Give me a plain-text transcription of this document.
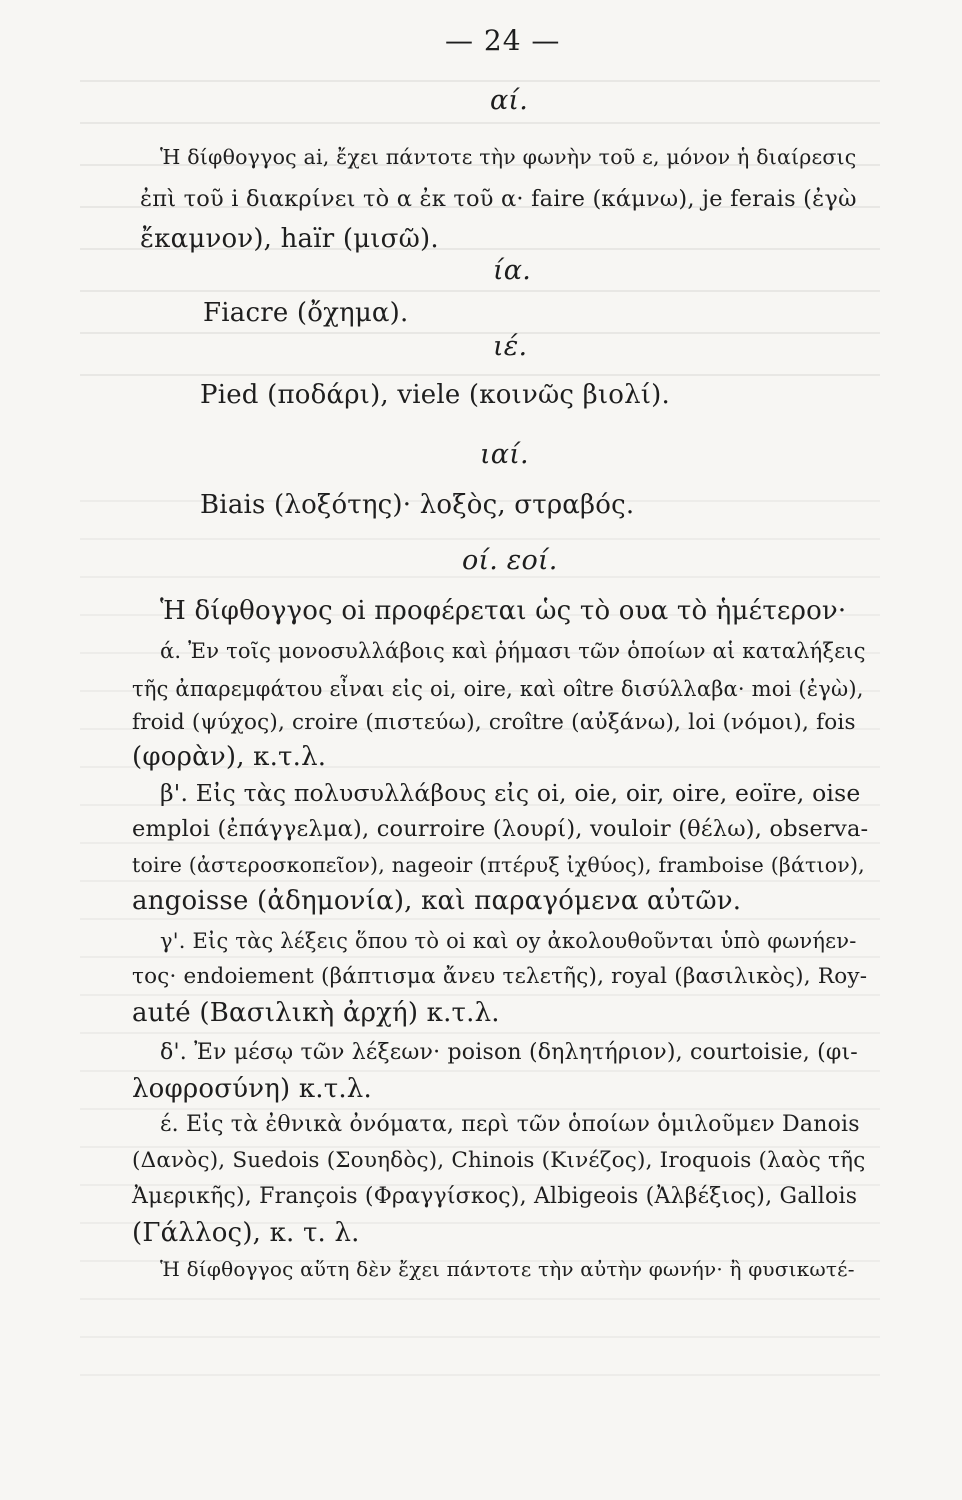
— 24 —
αί.
Ἡ δίφθογγος ai, ἔχει πάντοτε τὴν φωνὴν τοῦ ε, μόνον ἡ διαίρεσις
ἐπὶ τοῦ i διακρίνει τὸ α ἐκ τοῦ α· faire (κάμνω), je ferais (ἐγὼ
ἔκαμνον), haïr (μισῶ).
ία.
Fiacre (ὄχημα).
ιέ.
Pied (ποδάρι), viele (κοινῶς βιολί).
ιαί.
Biais (λοξότης)· λοξὸς, στραβός.
οί. εοί.
Ἡ δίφθογγος oi προφέρεται ὡς τὸ ουα τὸ ἡμέτερον·
ά. Ἐν τοῖς μονοσυλλάβοις καὶ ῥήμασι τῶν ὁποίων αἱ καταλήξεις
τῆς ἀπαρεμφάτου εἶναι εἰς oi, oire, καὶ oître δισύλλαβα· moi (ἐγὼ),
froid (ψύχος), croire (πιστεύω), croître (αὐξάνω), loi (νόμοι), fois
(φορὰν), κ.τ.λ.
β'. Εἰς τὰς πολυσυλλάβους εἰς oi, oie, oir, oire, eoïre, oise
emploi (ἐπάγγελμα), courroire (λουρί), vouloir (θέλω), observa-
toire (ἀστεροσκοπεῖον), nageoir (πτέρυξ ἰχθύος), framboise (βάτιον),
angoisse (ἀδημονία), καὶ παραγόμενα αὐτῶν.
γ'. Εἰς τὰς λέξεις ὅπου τὸ oi καὶ oy ἀκολουθοῦνται ὑπὸ φωνήεν-
τος· endoiement (βάπτισμα ἄνευ τελετῆς), royal (βασιλικὸς), Roy-
auté (Βασιλικὴ ἀρχή) κ.τ.λ.
δ'. Ἐν μέσῳ τῶν λέξεων· poison (δηλητήριον), courtoisie, (φι-
λοφροσύνη) κ.τ.λ.
έ. Εἰς τὰ ἐθνικὰ ὀνόματα, περὶ τῶν ὁποίων ὁμιλοῦμεν Danois
(Δανὸς), Suedois (Σουηδὸς), Chinois (Κινέζος), Iroquois (λαὸς τῆς
Ἀμερικῆς), François (Φραγγίσκος), Albigeois (Ἀλβέξιος), Gallois
(Γάλλος), κ. τ. λ.
Ἡ δίφθογγος αὕτη δὲν ἔχει πάντοτε τὴν αὐτὴν φωνήν· ἢ φυσικωτέ-
